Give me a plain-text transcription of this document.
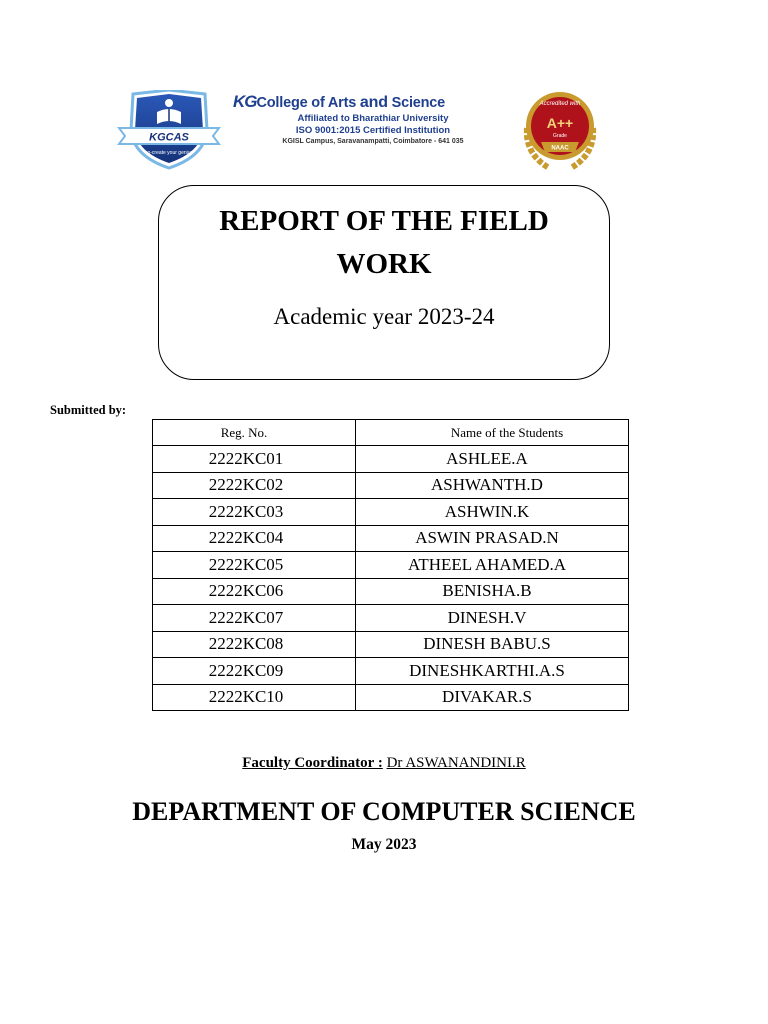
KGCAS
co-create your genius
KGCollege of Arts and Science
Affiliated to Bharathiar University
ISO 9001:2015 Certified Institution
KGISL Campus, Saravanampatti, Coimbatore - 641 035
Accredited with
A++
Grade
NAAC
REPORT OF THE FIELD
WORK
Academic year 2023-24
Submitted by:
Reg. No.	Name of the Students
2222KC01	ASHLEE.A
2222KC02	ASHWANTH.D
2222KC03	ASHWIN.K
2222KC04	ASWIN PRASAD.N
2222KC05	ATHEEL AHAMED.A
2222KC06	BENISHA.B
2222KC07	DINESH.V
2222KC08	DINESH BABU.S
2222KC09	DINESHKARTHI.A.S
2222KC10	DIVAKAR.S
Faculty Coordinator : Dr ASWANANDINI.R
DEPARTMENT OF COMPUTER SCIENCE
May 2023
